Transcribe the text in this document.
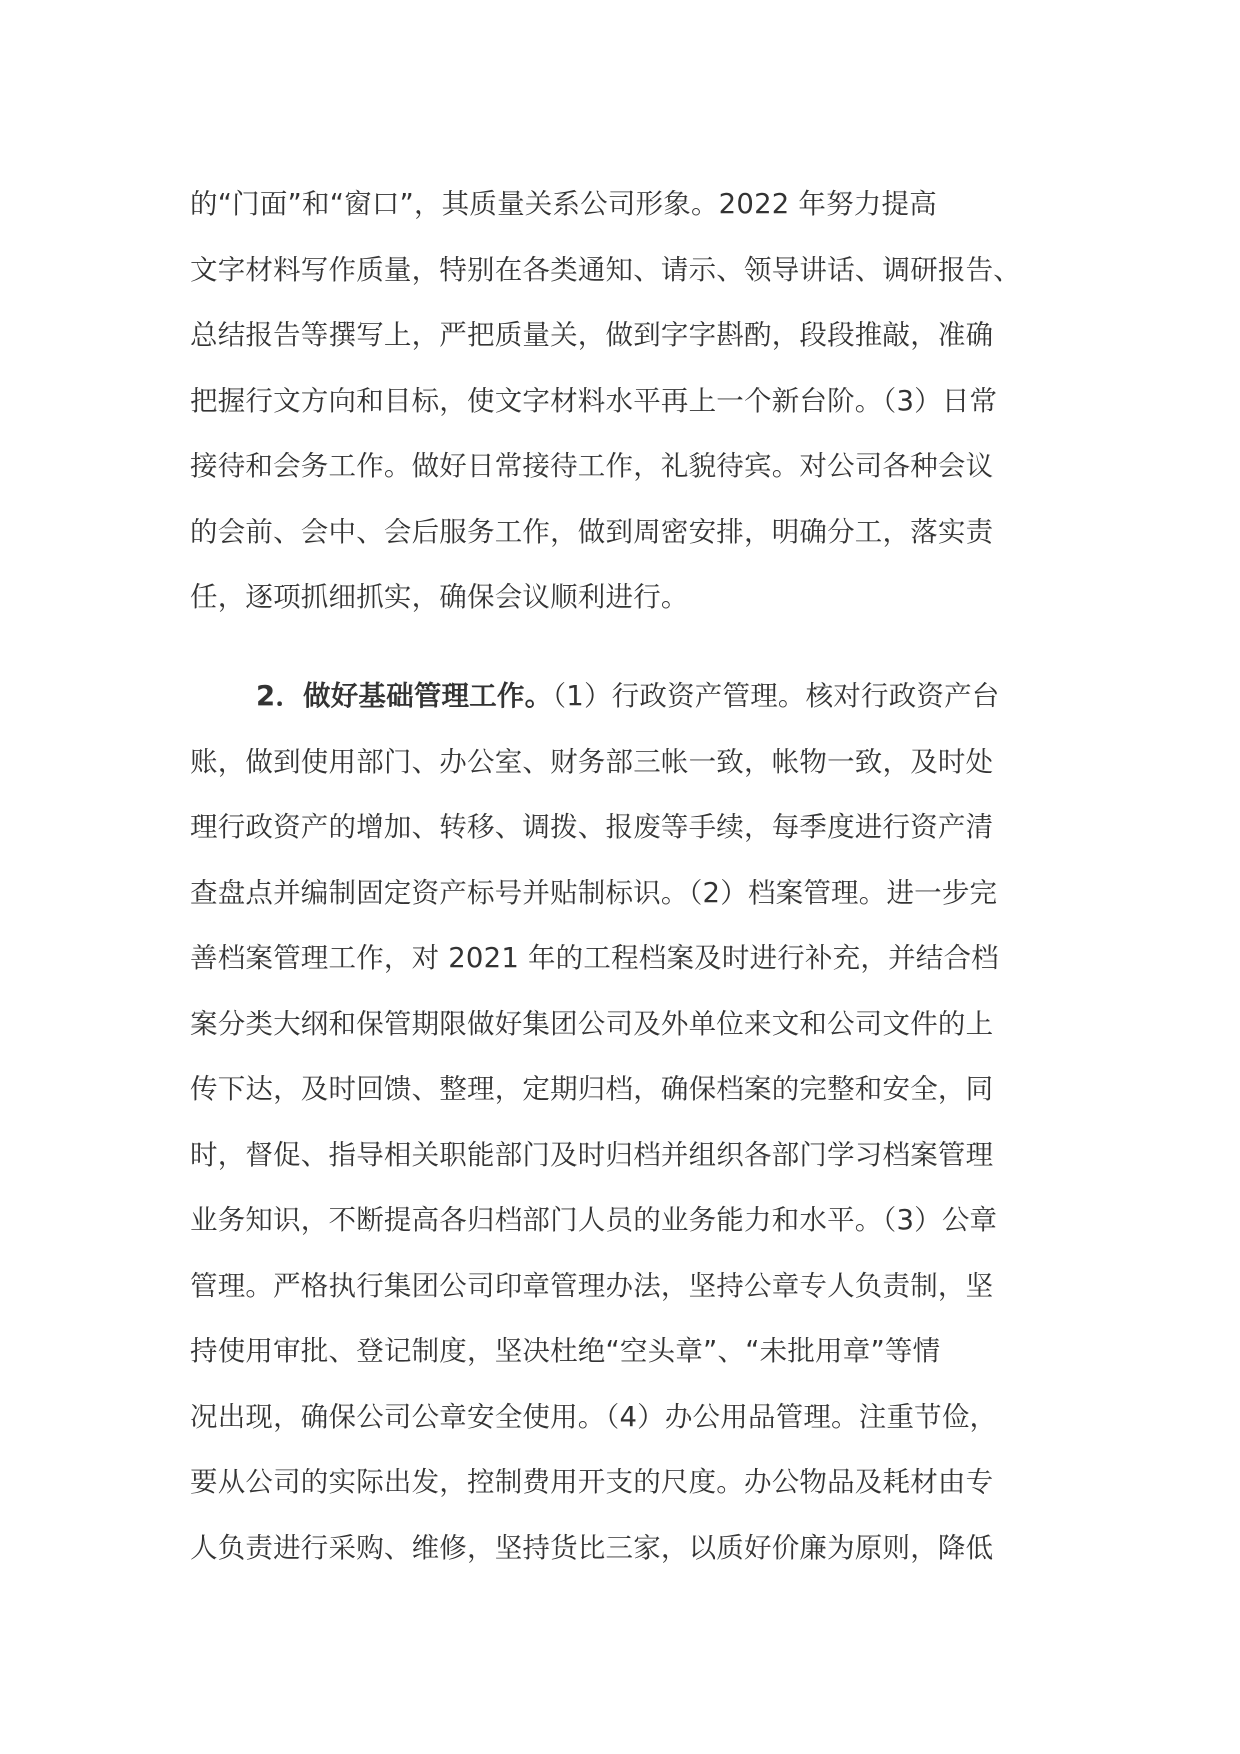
的“门面”和“窗口”，其质量关系公司形象。2022 年努力提高
文字材料写作质量，特别在各类通知、请示、领导讲话、调研报告、
总结报告等撰写上，严把质量关，做到字字斟酌，段段推敲，准确
把握行文方向和目标，使文字材料水平再上一个新台阶。（3）日常
接待和会务工作。做好日常接待工作，礼貌待宾。对公司各种会议
的会前、会中、会后服务工作，做到周密安排，明确分工，落实责
任，逐项抓细抓实，确保会议顺利进行。
2．做好基础管理工作。（1）行政资产管理。核对行政资产台
账，做到使用部门、办公室、财务部三帐一致，帐物一致，及时处
理行政资产的增加、转移、调拨、报废等手续，每季度进行资产清
查盘点并编制固定资产标号并贴制标识。（2）档案管理。进一步完
善档案管理工作，对 2021 年的工程档案及时进行补充，并结合档
案分类大纲和保管期限做好集团公司及外单位来文和公司文件的上
传下达，及时回馈、整理，定期归档，确保档案的完整和安全，同
时，督促、指导相关职能部门及时归档并组织各部门学习档案管理
业务知识，不断提高各归档部门人员的业务能力和水平。（3）公章
管理。严格执行集团公司印章管理办法，坚持公章专人负责制，坚
持使用审批、登记制度，坚决杜绝“空头章”、“未批用章”等情
况出现，确保公司公章安全使用。（4）办公用品管理。注重节俭，
要从公司的实际出发，控制费用开支的尺度。办公物品及耗材由专
人负责进行采购、维修，坚持货比三家，以质好价廉为原则，降低
